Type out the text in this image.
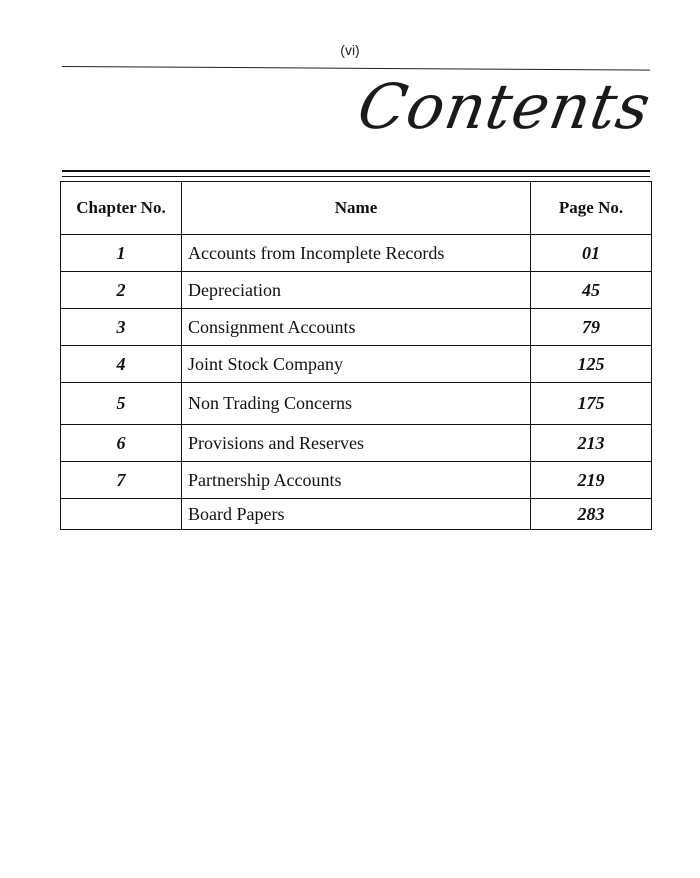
(vi)
Contents
Chapter No.	Name	Page No.
1	Accounts from Incomplete Records	01
2	Depreciation	45
3	Consignment Accounts	79
4	Joint Stock Company	125
5	Non Trading Concerns	175
6	Provisions and Reserves	213
7	Partnership Accounts	219
	Board Papers	283
